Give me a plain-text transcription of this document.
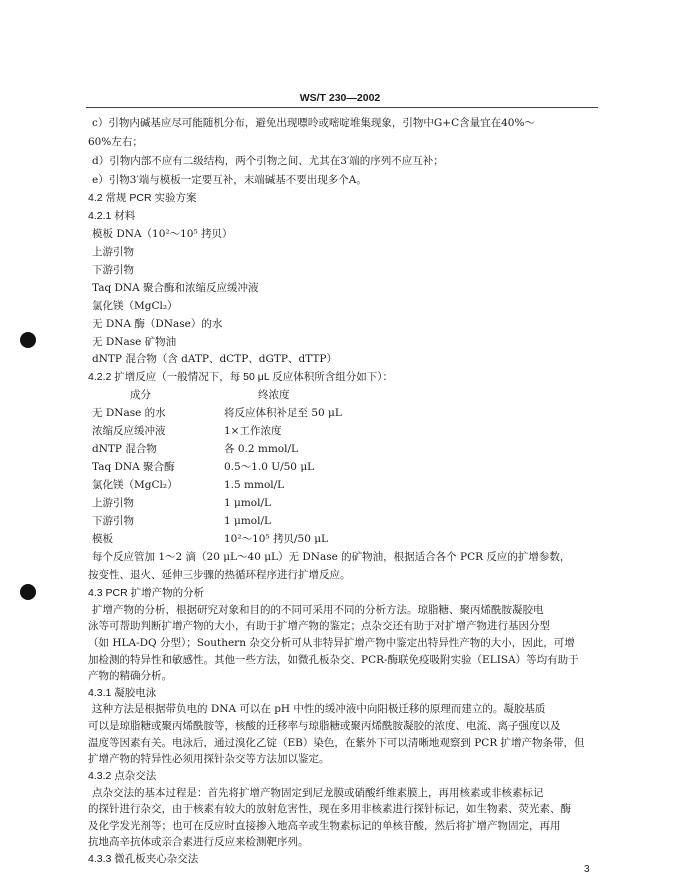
WS/T 230—2002
c）引物内碱基应尽可能随机分布，避免出现嘌呤或嘧啶堆集现象，引物中G+C含量宜在40%～
60%左右；
d）引物内部不应有二级结构，两个引物之间、尤其在3′端的序列不应互补；
e）引物3′端与模板一定要互补，末端碱基不要出现多个A。
4.2 常规 PCR 实验方案
4.2.1 材料
模板 DNA（10²～10⁵ 拷贝）
上游引物
下游引物
Taq DNA 聚合酶和浓缩反应缓冲液
氯化镁（MgCl₂）
无 DNA 酶（DNase）的水
无 DNase 矿物油
dNTP 混合物（含 dATP、dCTP、dGTP、dTTP）
4.2.2 扩增反应（一般情况下，每 50 μL 反应体积所含组分如下）：
成分	终浓度
无 DNase 的水	将反应体积补足至 50 μL
浓缩反应缓冲液	1×工作浓度
dNTP 混合物	各 0.2 mmol/L
Taq DNA 聚合酶	0.5～1.0 U/50 μL
氯化镁（MgCl₂）	1.5 mmol/L
上游引物	1 μmol/L
下游引物	1 μmol/L
模板	10²～10⁵ 拷贝/50 μL
每个反应管加 1～2 滴（20 μL～40 μL）无 DNase 的矿物油，根据适合各个 PCR 反应的扩增参数，
按变性、退火、延伸三步骤的热循环程序进行扩增反应。
4.3 PCR 扩增产物的分析
扩增产物的分析，根据研究对象和目的的不同可采用不同的分析方法。琼脂糖、聚丙烯酰胺凝胶电
泳等可帮助判断扩增产物的大小，有助于扩增产物的鉴定；点杂交还有助于对扩增产物进行基因分型
（如 HLA-DQ 分型）；Southern 杂交分析可从非特异扩增产物中鉴定出特异性产物的大小，因此，可增
加检测的特异性和敏感性。其他一些方法，如微孔板杂交、PCR-酶联免疫吸附实验（ELISA）等均有助于
产物的精确分析。
4.3.1 凝胶电泳
这种方法是根据带负电的 DNA 可以在 pH 中性的缓冲液中向阳极迁移的原理而建立的。凝胶基质
可以是琼脂糖或聚丙烯酰胺等，核酸的迁移率与琼脂糖或聚丙烯酰胺凝胶的浓度、电流、离子强度以及
温度等因素有关。电泳后，通过溴化乙锭（EB）染色，在紫外下可以清晰地观察到 PCR 扩增产物条带，但
扩增产物的特异性必须用探针杂交等方法加以鉴定。
4.3.2 点杂交法
点杂交法的基本过程是：首先将扩增产物固定到尼龙膜或硝酸纤维素膜上，再用核素或非核素标记
的探针进行杂交，由于核素有较大的放射危害性，现在多用非核素进行探针标记，如生物素、荧光素、酶
及化学发光剂等；也可在反应时直接掺入地高辛或生物素标记的单核苷酸，然后将扩增产物固定，再用
抗地高辛抗体或亲合素进行反应来检测靶序列。
3
4.3.3 微孔板夹心杂交法
